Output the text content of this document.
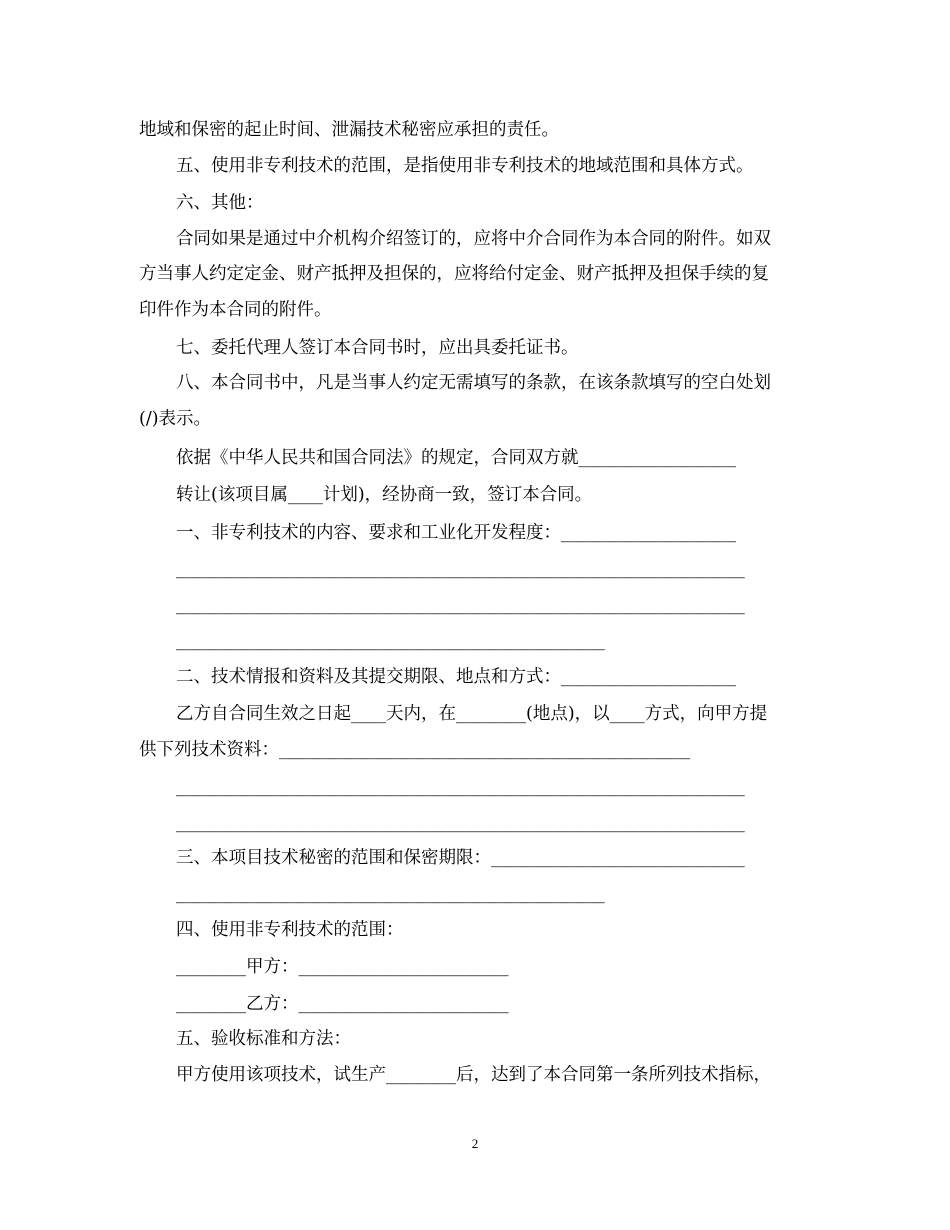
地域和保密的起止时间、泄漏技术秘密应承担的责任。
五、使用非专利技术的范围，是指使用非专利技术的地域范围和具体方式。
六、其他：
合同如果是通过中介机构介绍签订的，应将中介合同作为本合同的附件。如双
方当事人约定定金、财产抵押及担保的，应将给付定金、财产抵押及担保手续的复
印件作为本合同的附件。
七、委托代理人签订本合同书时，应出具委托证书。
八、本合同书中，凡是当事人约定无需填写的条款，在该条款填写的空白处划
(/)表示。
依据《中华人民共和国合同法》的规定，合同双方就__________________
转让(该项目属____计划)，经协商一致，签订本合同。
一、非专利技术的内容、要求和工业化开发程度：____________________
_________________________________________________________________
_________________________________________________________________
_________________________________________________
二、技术情报和资料及其提交期限、地点和方式：____________________
乙方自合同生效之日起____天内，在________(地点)，以____方式，向甲方提
供下列技术资料：_______________________________________________
_________________________________________________________________
_________________________________________________________________
三、本项目技术秘密的范围和保密期限：_____________________________
_________________________________________________
四、使用非专利技术的范围：
________甲方：________________________
________乙方：________________________
五、验收标准和方法：
甲方使用该项技术，试生产________后，达到了本合同第一条所列技术指标，
2
